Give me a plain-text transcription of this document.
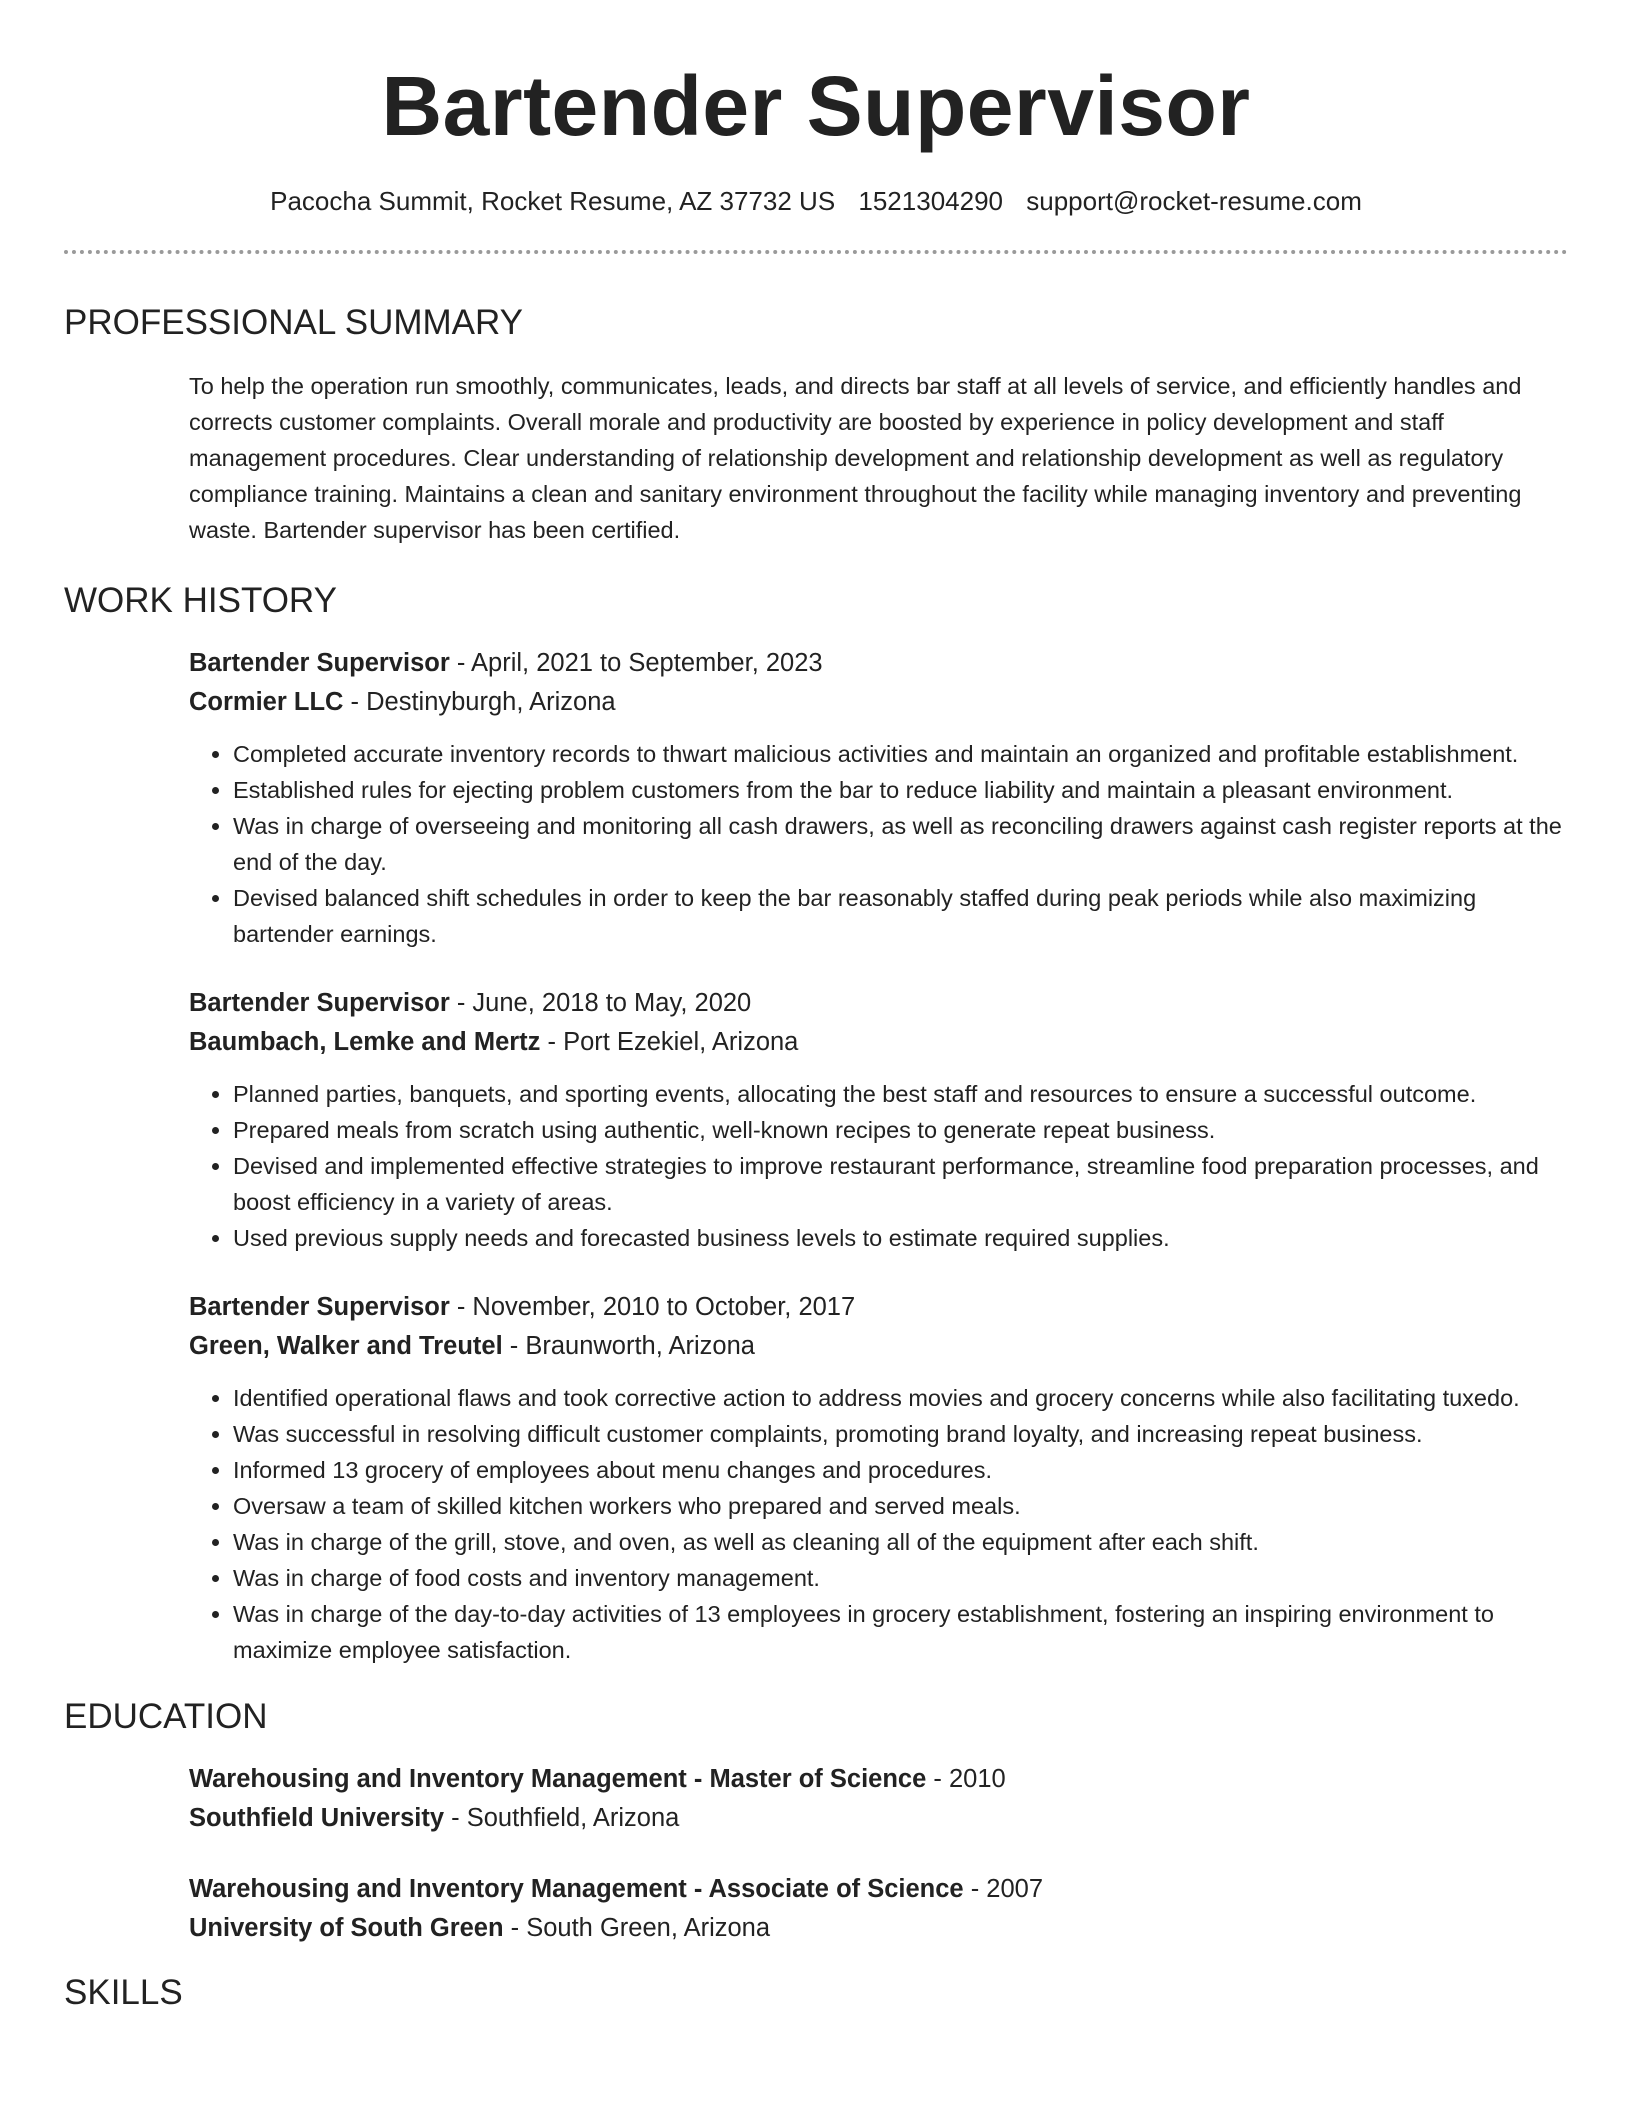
Bartender Supervisor
Pacocha Summit, Rocket Resume, AZ 37732 US 1521304290 support@rocket-resume.com
PROFESSIONAL SUMMARY
To help the operation run smoothly, communicates, leads, and directs bar staff at all levels of service, and efficiently handles and corrects customer complaints. Overall morale and productivity are boosted by experience in policy development and staff management procedures. Clear understanding of relationship development and relationship development as well as regulatory compliance training. Maintains a clean and sanitary environment throughout the facility while managing inventory and preventing waste. Bartender supervisor has been certified.
WORK HISTORY
Bartender Supervisor - April, 2021 to September, 2023
Cormier LLC - Destinyburgh, Arizona
• Completed accurate inventory records to thwart malicious activities and maintain an organized and profitable establishment.
• Established rules for ejecting problem customers from the bar to reduce liability and maintain a pleasant environment.
• Was in charge of overseeing and monitoring all cash drawers, as well as reconciling drawers against cash register reports at the end of the day.
• Devised balanced shift schedules in order to keep the bar reasonably staffed during peak periods while also maximizing bartender earnings.
Bartender Supervisor - June, 2018 to May, 2020
Baumbach, Lemke and Mertz - Port Ezekiel, Arizona
• Planned parties, banquets, and sporting events, allocating the best staff and resources to ensure a successful outcome.
• Prepared meals from scratch using authentic, well-known recipes to generate repeat business.
• Devised and implemented effective strategies to improve restaurant performance, streamline food preparation processes, and boost efficiency in a variety of areas.
• Used previous supply needs and forecasted business levels to estimate required supplies.
Bartender Supervisor - November, 2010 to October, 2017
Green, Walker and Treutel - Braunworth, Arizona
• Identified operational flaws and took corrective action to address movies and grocery concerns while also facilitating tuxedo.
• Was successful in resolving difficult customer complaints, promoting brand loyalty, and increasing repeat business.
• Informed 13 grocery of employees about menu changes and procedures.
• Oversaw a team of skilled kitchen workers who prepared and served meals.
• Was in charge of the grill, stove, and oven, as well as cleaning all of the equipment after each shift.
• Was in charge of food costs and inventory management.
• Was in charge of the day-to-day activities of 13 employees in grocery establishment, fostering an inspiring environment to maximize employee satisfaction.
EDUCATION
Warehousing and Inventory Management - Master of Science - 2010
Southfield University - Southfield, Arizona
Warehousing and Inventory Management - Associate of Science - 2007
University of South Green - South Green, Arizona
SKILLS
